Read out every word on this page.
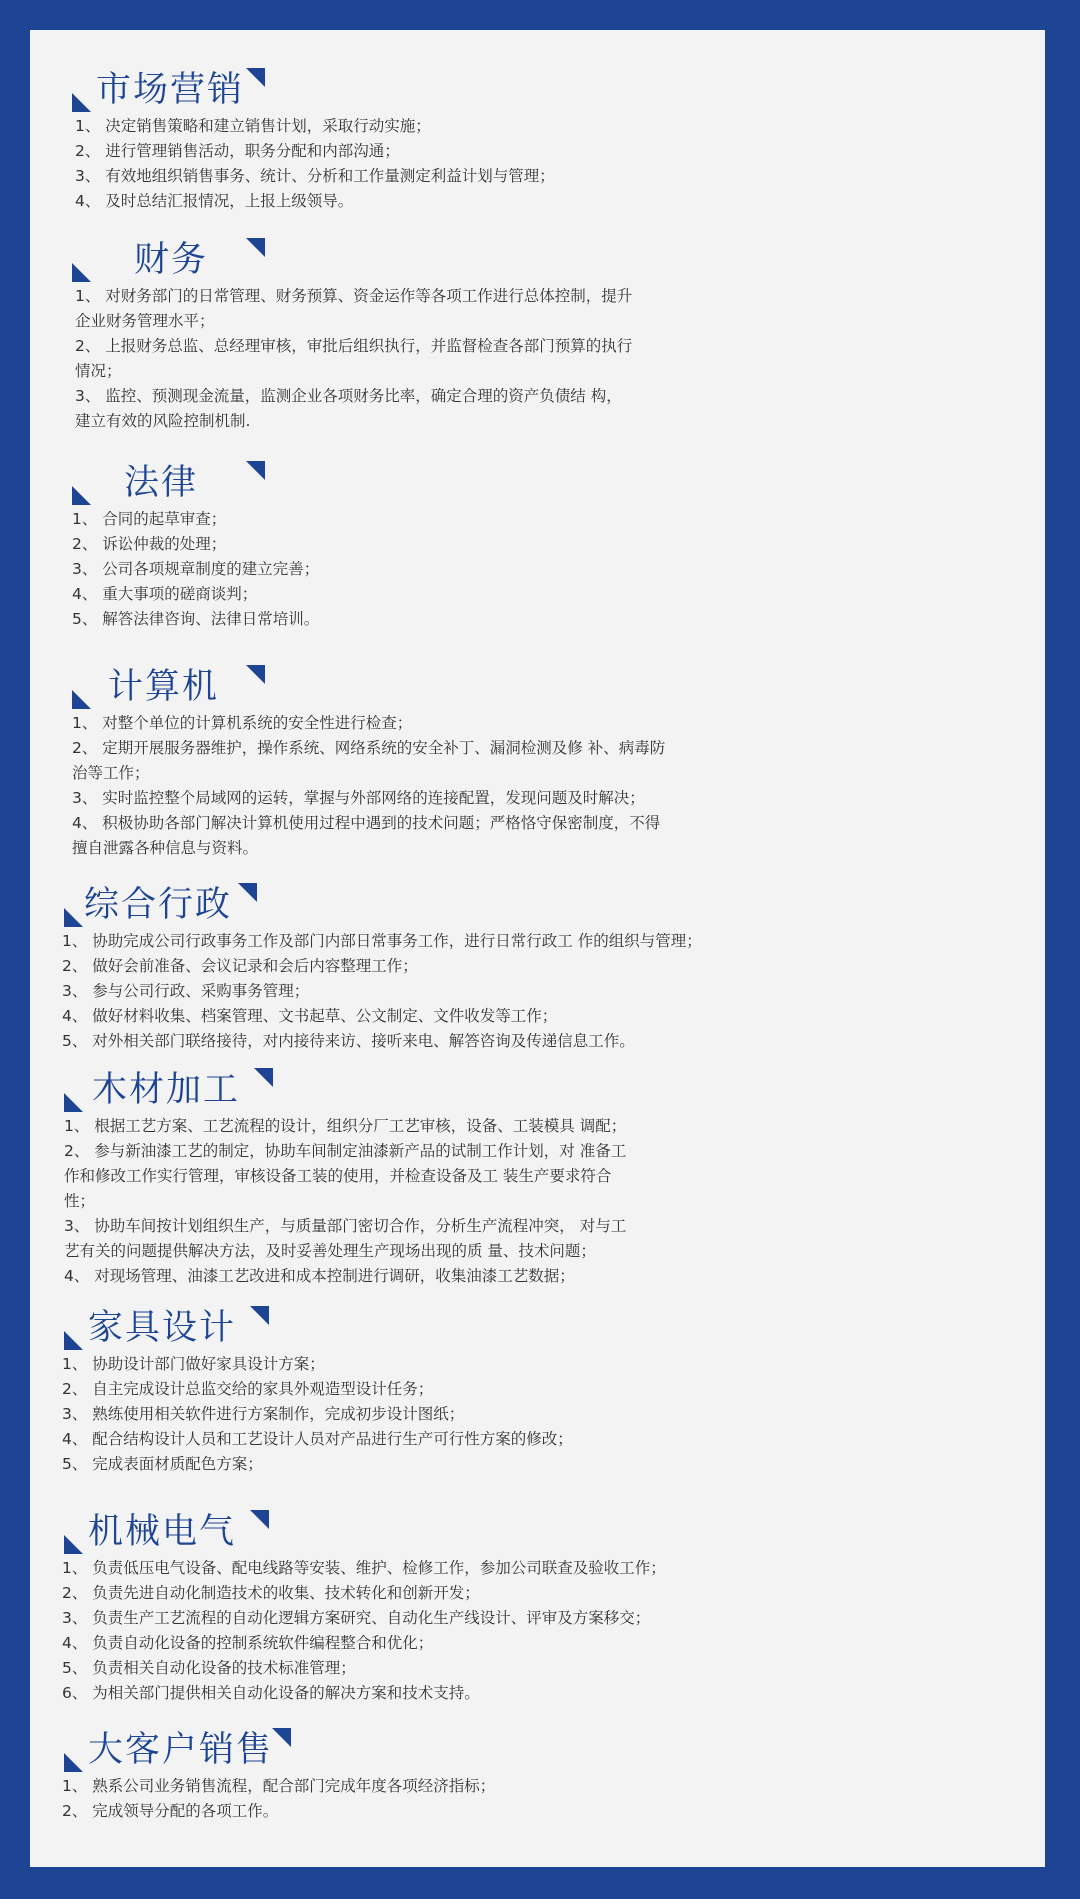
市场营销
1、 决定销售策略和建立销售计划，采取行动实施；
2、 进行管理销售活动，职务分配和内部沟通；
3、 有效地组织销售事务、统计、分析和工作量测定利益计划与管理；
4、 及时总结汇报情况，上报上级领导。
财务
1、 对财务部门的日常管理、财务预算、资金运作等各项工作进行总体控制，提升
企业财务管理水平；
2、 上报财务总监、总经理审核，审批后组织执行，并监督检查各部门预算的执行
情况；
3、 监控、预测现金流量，监测企业各项财务比率，确定合理的资产负债结 构，
建立有效的风险控制机制.
法律
1、 合同的起草审查；
2、 诉讼仲裁的处理；
3、 公司各项规章制度的建立完善；
4、 重大事项的磋商谈判；
5、 解答法律咨询、法律日常培训。
计算机
1、 对整个单位的计算机系统的安全性进行检查；
2、 定期开展服务器维护，操作系统、网络系统的安全补丁、漏洞检测及修 补、病毒防
治等工作；
3、 实时监控整个局域网的运转，掌握与外部网络的连接配置，发现问题及时解决；
4、 积极协助各部门解决计算机使用过程中遇到的技术问题；严格恪守保密制度，不得
擅自泄露各种信息与资料。
综合行政
1、 协助完成公司行政事务工作及部门内部日常事务工作，进行日常行政工 作的组织与管理；
2、 做好会前准备、会议记录和会后内容整理工作；
3、 参与公司行政、采购事务管理；
4、 做好材料收集、档案管理、文书起草、公文制定、文件收发等工作；
5、 对外相关部门联络接待，对内接待来访、接听来电、解答咨询及传递信息工作。
木材加工
1、 根据工艺方案、工艺流程的设计，组织分厂工艺审核，设备、工装模具 调配；
2、 参与新油漆工艺的制定，协助车间制定油漆新产品的试制工作计划，对 准备工
作和修改工作实行管理，审核设备工装的使用，并检查设备及工 装生产要求符合
性；
3、 协助车间按计划组织生产，与质量部门密切合作，分析生产流程冲突， 对与工
艺有关的问题提供解决方法，及时妥善处理生产现场出现的质 量、技术问题；
4、 对现场管理、油漆工艺改进和成本控制进行调研，收集油漆工艺数据；
家具设计
1、 协助设计部门做好家具设计方案；
2、 自主完成设计总监交给的家具外观造型设计任务；
3、 熟练使用相关软件进行方案制作，完成初步设计图纸；
4、 配合结构设计人员和工艺设计人员对产品进行生产可行性方案的修改；
5、 完成表面材质配色方案；
机械电气
1、 负责低压电气设备、配电线路等安装、维护、检修工作，参加公司联查及验收工作；
2、 负责先进自动化制造技术的收集、技术转化和创新开发；
3、 负责生产工艺流程的自动化逻辑方案研究、自动化生产线设计、评审及方案移交；
4、 负责自动化设备的控制系统软件编程整合和优化；
5、 负责相关自动化设备的技术标准管理；
6、 为相关部门提供相关自动化设备的解决方案和技术支持。
大客户销售
1、 熟系公司业务销售流程，配合部门完成年度各项经济指标；
2、 完成领导分配的各项工作。
天坛家具
